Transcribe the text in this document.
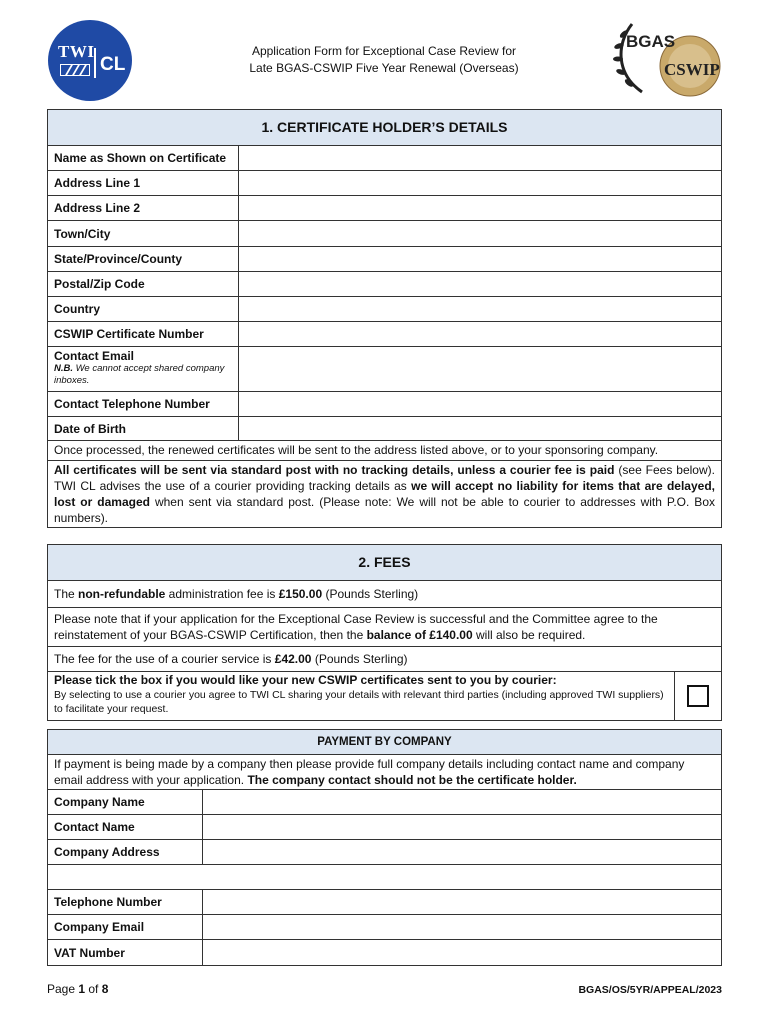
TWI
CL
Application Form for Exceptional Case Review for
Late BGAS-CSWIP Five Year Renewal (Overseas)
BGAS
CSWIP
1. CERTIFICATE HOLDER’S DETAILS
Name as Shown on Certificate
Address Line 1
Address Line 2
Town/City
State/Province/County
Postal/Zip Code
Country
CSWIP Certificate Number
Contact Email
N.B. We cannot accept shared company inboxes.
Contact Telephone Number
Date of Birth
Once processed, the renewed certificates will be sent to the address listed above, or to your sponsoring company.
All certificates will be sent via standard post with no tracking details, unless a courier fee is paid (see Fees below). TWI CL advises the use of a courier providing tracking details as we will accept no liability for items that are delayed, lost or damaged when sent via standard post. (Please note: We will not be able to courier to addresses with P.O. Box numbers).
2. FEES
The non-refundable administration fee is £150.00 (Pounds Sterling)
Please note that if your application for the Exceptional Case Review is successful and the Committee agree to the reinstatement of your BGAS-CSWIP Certification, then the balance of £140.00 will also be required.
The fee for the use of a courier service is £42.00 (Pounds Sterling)
Please tick the box if you would like your new CSWIP certificates sent to you by courier:
By selecting to use a courier you agree to TWI CL sharing your details with relevant third parties (including approved TWI suppliers) to facilitate your request.
PAYMENT BY COMPANY
If payment is being made by a company then please provide full company details including contact name and company email address with your application. The company contact should not be the certificate holder.
Company Name
Contact Name
Company Address
Telephone Number
Company Email
VAT Number
Page 1 of 8	BGAS/OS/5YR/APPEAL/2023
